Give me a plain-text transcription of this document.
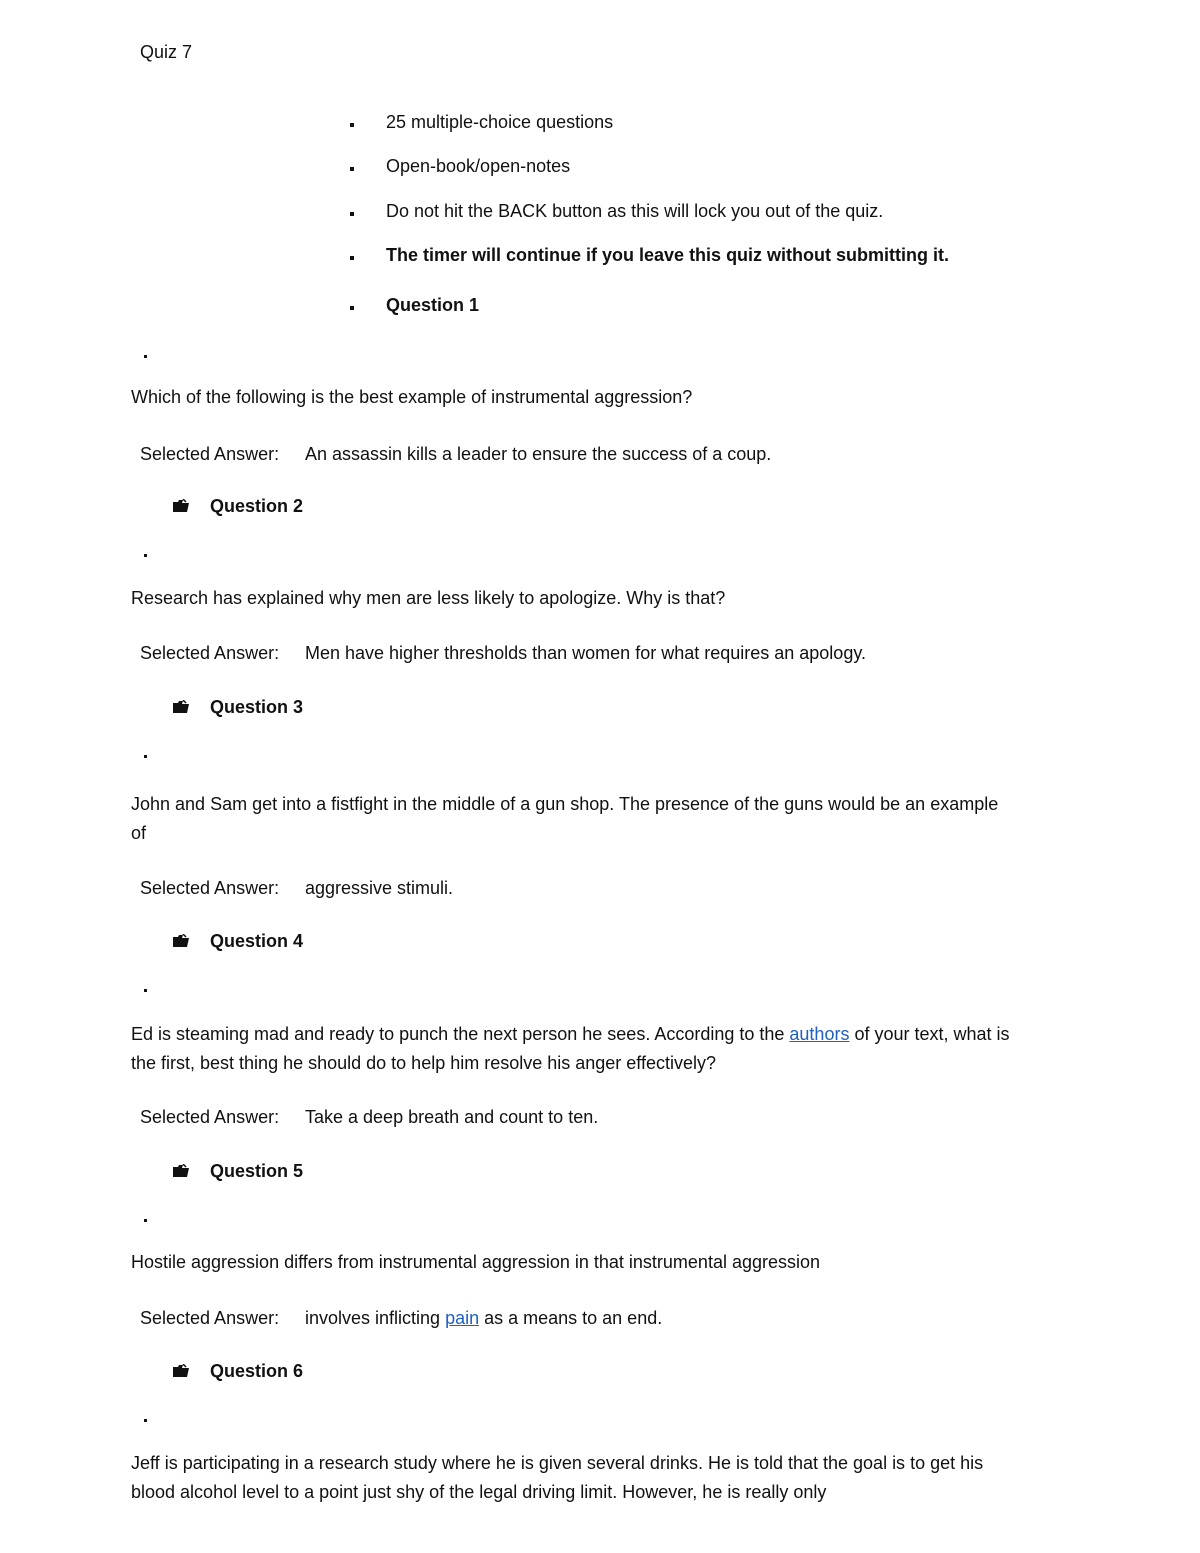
Quiz 7
25 multiple-choice questions
Open-book/open-notes
Do not hit the BACK button as this will lock you out of the quiz.
The timer will continue if you leave this quiz without submitting it.
Question 1
Which of the following is the best example of instrumental aggression?
Selected Answer: An assassin kills a leader to ensure the success of a coup.
Question 2
Research has explained why men are less likely to apologize. Why is that?
Selected Answer: Men have higher thresholds than women for what requires an apology.
Question 3
John and Sam get into a fistfight in the middle of a gun shop. The presence of the guns would be an example of
Selected Answer: aggressive stimuli.
Question 4
Ed is steaming mad and ready to punch the next person he sees. According to the authors of your text, what is the first, best thing he should do to help him resolve his anger effectively?
Selected Answer: Take a deep breath and count to ten.
Question 5
Hostile aggression differs from instrumental aggression in that instrumental aggression
Selected Answer: involves inflicting pain as a means to an end.
Question 6
Jeff is participating in a research study where he is given several drinks. He is told that the goal is to get his blood alcohol level to a point just shy of the legal driving limit. However, he is really only
